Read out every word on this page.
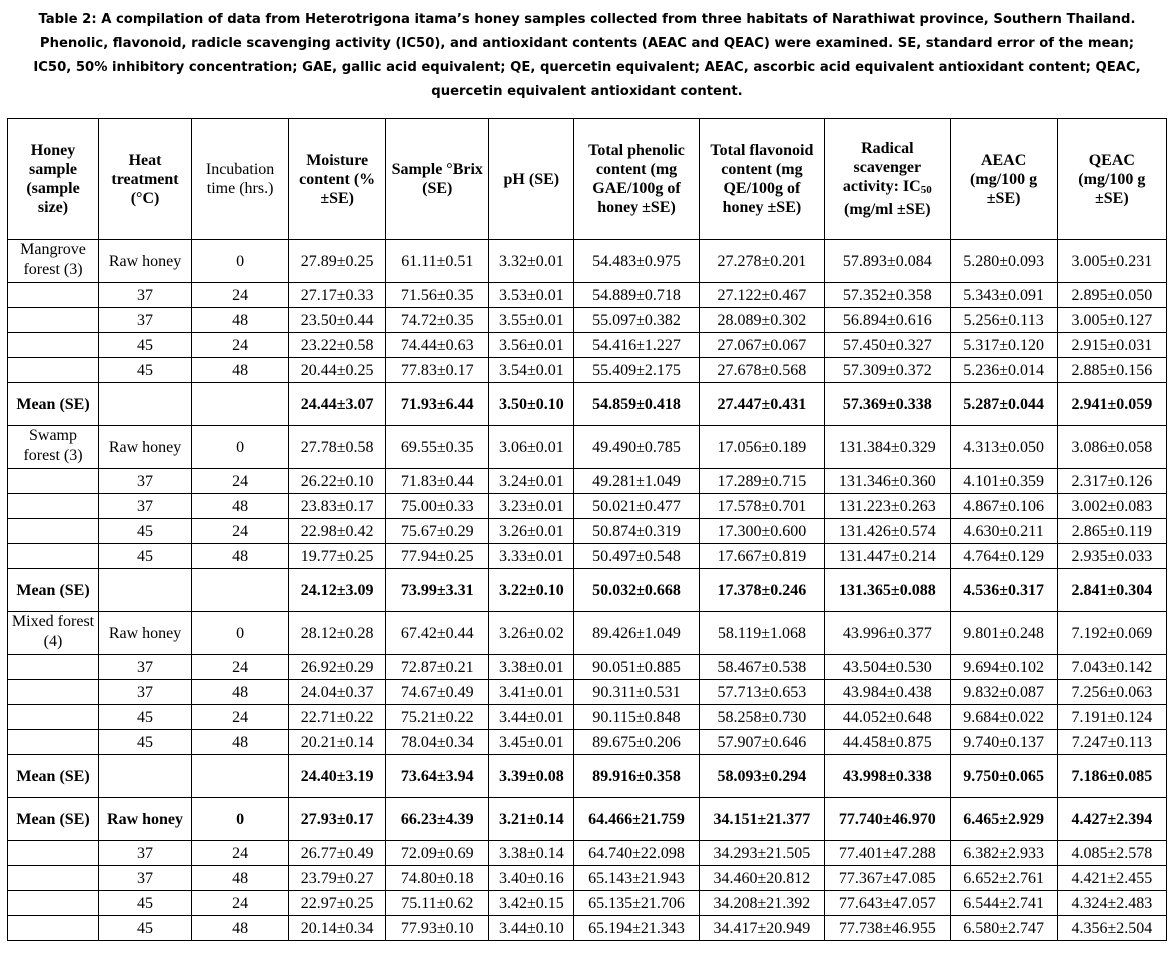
Table 2: A compilation of data from Heterotrigona itama’s honey samples collected from three habitats of Narathiwat province, Southern Thailand. Phenolic, flavonoid, radicle scavenging activity (IC50), and antioxidant contents (AEAC and QEAC) were examined. SE, standard error of the mean; IC50, 50% inhibitory concentration; GAE, gallic acid equivalent; QE, quercetin equivalent; AEAC, ascorbic acid equivalent antioxidant content; QEAC, quercetin equivalent antioxidant content.
Honey sample (sample size)	Heat treatment (°C)	Incubation time (hrs.)	Moisture content (%±SE)	Sample °Brix (SE)	pH (SE)	Total phenolic content (mg GAE/100g of honey ±SE)	Total flavonoid content (mg QE/100g of honey ±SE)	Radical scavenger activity: $IC_{50}$ (mg/ml ±SE)	AEAC (mg/100 g ±SE)	QEAC (mg/100 g ±SE)
Mangrove forest (3)	Raw honey	0	27.89±0.25	61.11±0.51	3.32±0.01	54.483±0.975	27.278±0.201	57.893±0.084	5.280±0.093	3.005±0.231
	37	24	27.17±0.33	71.56±0.35	3.53±0.01	54.889±0.718	27.122±0.467	57.352±0.358	5.343±0.091	2.895±0.050
	37	48	23.50±0.44	74.72±0.35	3.55±0.01	55.097±0.382	28.089±0.302	56.894±0.616	5.256±0.113	3.005±0.127
	45	24	23.22±0.58	74.44±0.63	3.56±0.01	54.416±1.227	27.067±0.067	57.450±0.327	5.317±0.120	2.915±0.031
	45	48	20.44±0.25	77.83±0.17	3.54±0.01	55.409±2.175	27.678±0.568	57.309±0.372	5.236±0.014	2.885±0.156
Mean (SE)			24.44±3.07	71.93±6.44	3.50±0.10	54.859±0.418	27.447±0.431	57.369±0.338	5.287±0.044	2.941±0.059
Swamp forest (3)	Raw honey	0	27.78±0.58	69.55±0.35	3.06±0.01	49.490±0.785	17.056±0.189	131.384±0.329	4.313±0.050	3.086±0.058
	37	24	26.22±0.10	71.83±0.44	3.24±0.01	49.281±1.049	17.289±0.715	131.346±0.360	4.101±0.359	2.317±0.126
	37	48	23.83±0.17	75.00±0.33	3.23±0.01	50.021±0.477	17.578±0.701	131.223±0.263	4.867±0.106	3.002±0.083
	45	24	22.98±0.42	75.67±0.29	3.26±0.01	50.874±0.319	17.300±0.600	131.426±0.574	4.630±0.211	2.865±0.119
	45	48	19.77±0.25	77.94±0.25	3.33±0.01	50.497±0.548	17.667±0.819	131.447±0.214	4.764±0.129	2.935±0.033
Mean (SE)			24.12±3.09	73.99±3.31	3.22±0.10	50.032±0.668	17.378±0.246	131.365±0.088	4.536±0.317	2.841±0.304
Mixed forest (4)	Raw honey	0	28.12±0.28	67.42±0.44	3.26±0.02	89.426±1.049	58.119±1.068	43.996±0.377	9.801±0.248	7.192±0.069
	37	24	26.92±0.29	72.87±0.21	3.38±0.01	90.051±0.885	58.467±0.538	43.504±0.530	9.694±0.102	7.043±0.142
	37	48	24.04±0.37	74.67±0.49	3.41±0.01	90.311±0.531	57.713±0.653	43.984±0.438	9.832±0.087	7.256±0.063
	45	24	22.71±0.22	75.21±0.22	3.44±0.01	90.115±0.848	58.258±0.730	44.052±0.648	9.684±0.022	7.191±0.124
	45	48	20.21±0.14	78.04±0.34	3.45±0.01	89.675±0.206	57.907±0.646	44.458±0.875	9.740±0.137	7.247±0.113
Mean (SE)			24.40±3.19	73.64±3.94	3.39±0.08	89.916±0.358	58.093±0.294	43.998±0.338	9.750±0.065	7.186±0.085
Mean (SE)	Raw honey	0	27.93±0.17	66.23±4.39	3.21±0.14	64.466±21.759	34.151±21.377	77.740±46.970	6.465±2.929	4.427±2.394
	37	24	26.77±0.49	72.09±0.69	3.38±0.14	64.740±22.098	34.293±21.505	77.401±47.288	6.382±2.933	4.085±2.578
	37	48	23.79±0.27	74.80±0.18	3.40±0.16	65.143±21.943	34.460±20.812	77.367±47.085	6.652±2.761	4.421±2.455
	45	24	22.97±0.25	75.11±0.62	3.42±0.15	65.135±21.706	34.208±21.392	77.643±47.057	6.544±2.741	4.324±2.483
	45	48	20.14±0.34	77.93±0.10	3.44±0.10	65.194±21.343	34.417±20.949	77.738±46.955	6.580±2.747	4.356±2.504
